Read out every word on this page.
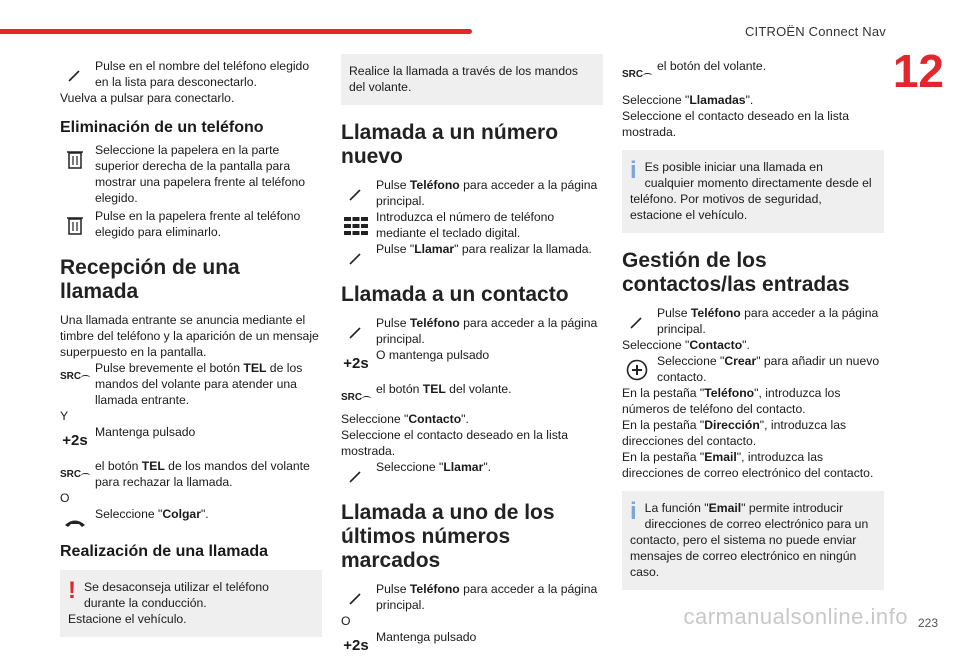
CITROËN Connect Nav
12
Pulse en el nombre del teléfono elegido en la lista para desconectarlo.

Vuelva a pulsar para conectarlo.

Eliminación de un teléfono
Seleccione la papelera en la parte superior derecha de la pantalla para mostrar una papelera frente al teléfono elegido.
Pulse en la papelera frente al teléfono elegido para eliminarlo.
Recepción de una llamada

Una llamada entrante se anuncia mediante el timbre del teléfono y la aparición de un mensaje superpuesto en la pantalla.

SRC
Pulse brevemente el botón TEL de los mandos del volante para atender una llamada entrante.

Y

+ 2s Mantenga pulsado
SRC
el botón TEL de los mandos del volante para rechazar la llamada.

O

Seleccione "Colgar".
Realización de una llamada
! Se desaconseja utilizar el teléfono durante la conducción.
Estacione el vehículo.
Realice la llamada a través de los mandos del volante.
Llamada a un número nuevo
Pulse Teléfono para acceder a la página principal.
Introduzca el número de teléfono mediante el teclado digital.
Pulse "Llamar" para realizar la llamada.
Llamada a un contacto
Pulse Teléfono para acceder a la página principal.
+ 2s O mantenga pulsado
SRC
el botón TEL del volante.

Seleccione "Contacto".

Seleccione el contacto deseado en la lista mostrada.

Seleccione "Llamar".
Llamada a uno de los últimos números marcados
Pulse Teléfono para acceder a la página principal.

O

+ 2s Mantenga pulsado
SRC
el botón del volante.

Seleccione "Llamadas".

Seleccione el contacto deseado en la lista mostrada.

i Es posible iniciar una llamada en cualquier momento directamente desde el teléfono. Por motivos de seguridad, estacione el vehículo.
Gestión de los contactos/las entradas
Pulse Teléfono para acceder a la página principal.

Seleccione "Contacto".

Seleccione "Crear" para añadir un nuevo contacto.

En la pestaña "Teléfono", introduzca los números de teléfono del contacto.

En la pestaña "Dirección", introduzca las direcciones del contacto.

En la pestaña "Email", introduzca las direcciones de correo electrónico del contacto.

i La función "Email" permite introducir direcciones de correo electrónico para un contacto, pero el sistema no puede enviar mensajes de correo electrónico en ningún caso.
carmanualsonline.info 223
